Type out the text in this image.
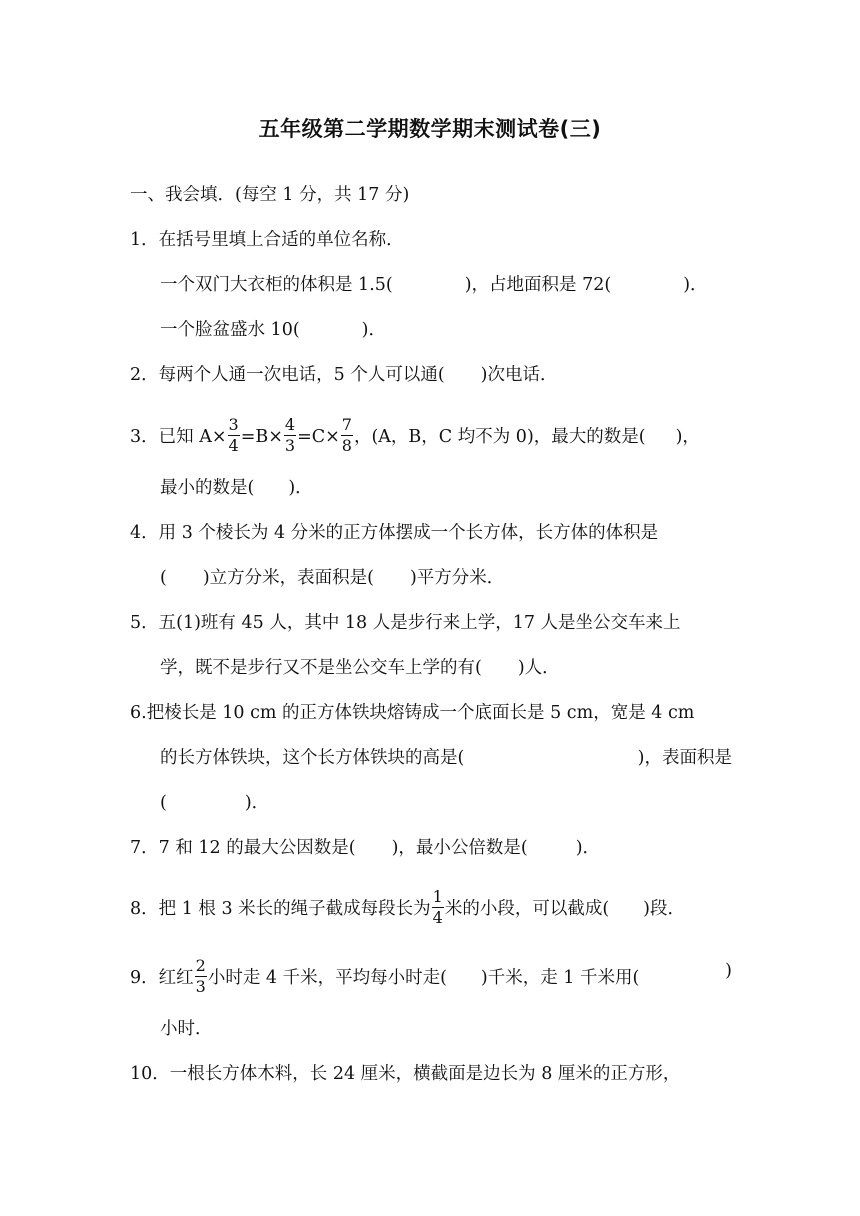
五年级第二学期数学期末测试卷(三)
一、我会填．(每空 1 分，共 17 分)
1．在括号里填上合适的单位名称．
一个双门大衣柜的体积是 1.5(	)，占地面积是 72(	)．
一个脸盆盛水 10(	)．
2．每两个人通一次电话，5 个人可以通( )次电话．
3．已知 $A\times \frac{3}{4} =B\times \frac{4}{3} =C\times \frac{7}{8}$ ，(A，B，C 均不为 0)，最大的数是( )，
最小的数是( )．
4．用 3 个棱长为 4 分米的正方体摆成一个长方体，长方体的体积是
( )立方分米，表面积是( )平方分米．
5．五(1)班有 45 人，其中 18 人是步行来上学，17 人是坐公交车来上
学，既不是步行又不是坐公交车上学的有( )人．
6.把棱长是 10 cm 的正方体铁块熔铸成一个底面长是 5 cm，宽是 4 cm
的长方体铁块，这个长方体铁块的高是(	)，表面积是
(	)．
7．7 和 12 的最大公因数是( )，最小公倍数是(	)．
8．把 1 根 3 米长的绳子截成每段长为 $\frac{1}{4}$ 米的小段，可以截成( )段．
9．红红 $\frac{2}{3}$ 小时走 4 千米，平均每小时走( )千米，走 1 千米用(	)
小时．
10．一根长方体木料，长 24 厘米，横截面是边长为 8 厘米的正方形，
